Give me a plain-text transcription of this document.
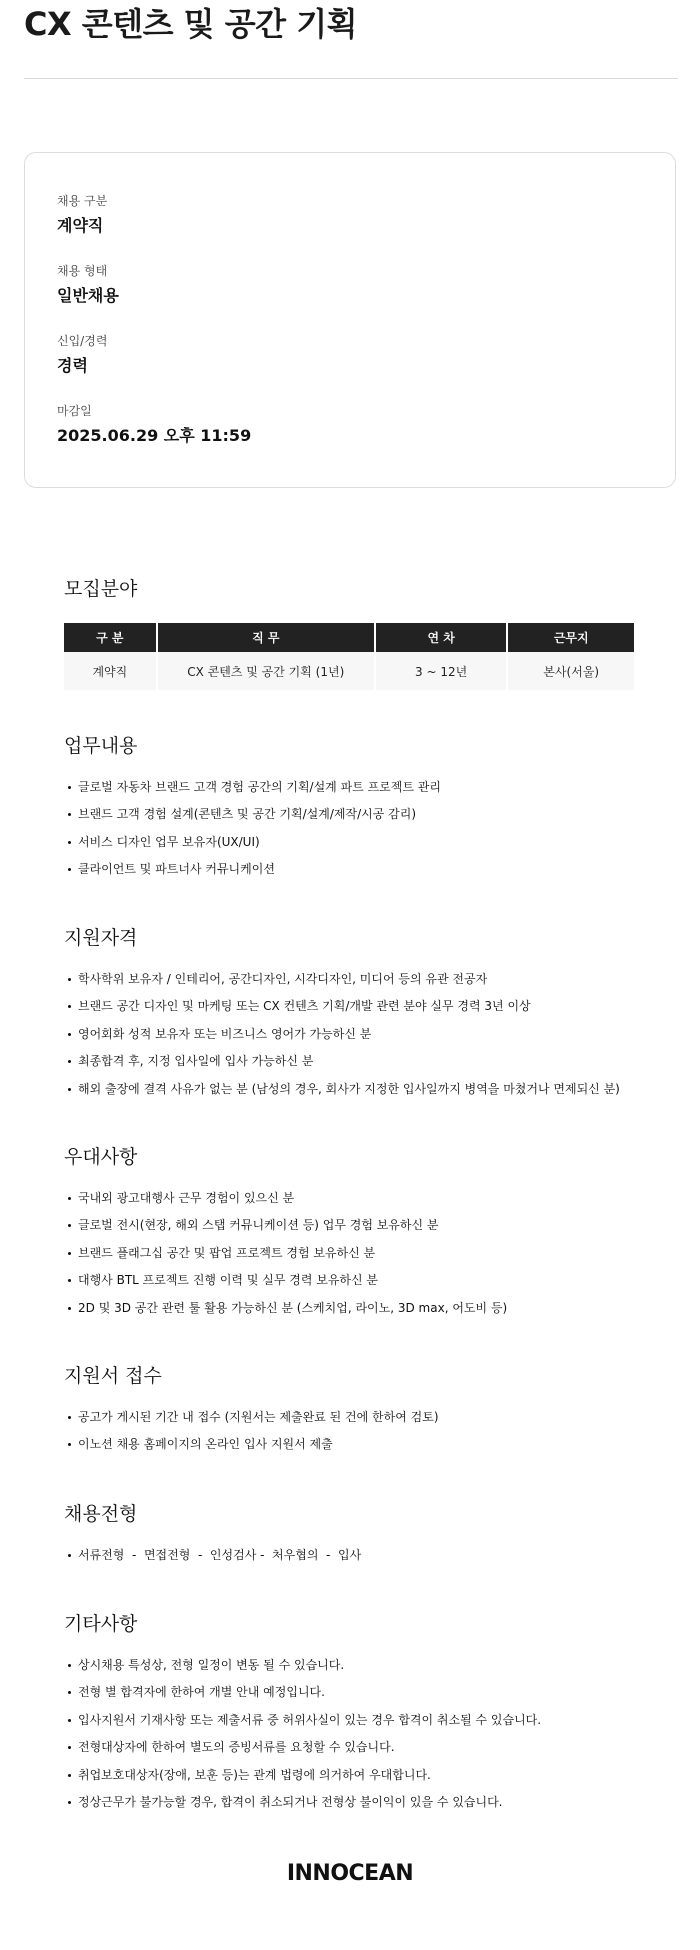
CX 콘텐츠 및 공간 기획
채용 구분
계약직
채용 형태
일반채용
신입/경력
경력
마감일
2025.06.29 오후 11:59
모집분야
구 분	직 무	연 차	근무지
계약직	CX 콘텐츠 및 공간 기획 (1년)	3 ~ 12년	본사(서울)
업무내용
글로벌 자동차 브랜드 고객 경험 공간의 기획/설계 파트 프로젝트 관리
브랜드 고객 경험 설계(콘텐츠 및 공간 기획/설계/제작/시공 감리)
서비스 디자인 업무 보유자(UX/UI)
클라이언트 및 파트너사 커뮤니케이션
지원자격
학사학위 보유자 / 인테리어, 공간디자인, 시각디자인, 미디어 등의 유관 전공자
브랜드 공간 디자인 및 마케팅 또는 CX 컨텐츠 기획/개발 관련 분야 실무 경력 3년 이상
영어회화 성적 보유자 또는 비즈니스 영어가 가능하신 분
최종합격 후, 지정 입사일에 입사 가능하신 분
해외 출장에 결격 사유가 없는 분 (남성의 경우, 회사가 지정한 입사일까지 병역을 마쳤거나 면제되신 분)
우대사항
국내외 광고대행사 근무 경험이 있으신 분
글로벌 전시(현장, 해외 스탭 커뮤니케이션 등) 업무 경험 보유하신 분
브랜드 플래그십 공간 및 팝업 프로젝트 경험 보유하신 분
대행사 BTL 프로젝트 진행 이력 및 실무 경력 보유하신 분
2D 및 3D 공간 관련 툴 활용 가능하신 분 (스케치업, 라이노, 3D max, 어도비 등)
지원서 접수
공고가 게시된 기간 내 접수 (지원서는 제출완료 된 건에 한하여 검토)
이노션 채용 홈페이지의 온라인 입사 지원서 제출
채용전형
서류전형  -  면접전형  -  인성검사 -  처우협의  -  입사
기타사항
상시채용 특성상, 전형 일정이 변동 될 수 있습니다.
전형 별 합격자에 한하여 개별 안내 예정입니다.
입사지원서 기재사항 또는 제출서류 중 허위사실이 있는 경우 합격이 취소될 수 있습니다.
전형대상자에 한하여 별도의 증빙서류를 요청할 수 있습니다.
취업보호대상자(장애, 보훈 등)는 관계 법령에 의거하여 우대합니다.
정상근무가 불가능할 경우, 합격이 취소되거나 전형상 불이익이 있을 수 있습니다.
INNOCEAN
